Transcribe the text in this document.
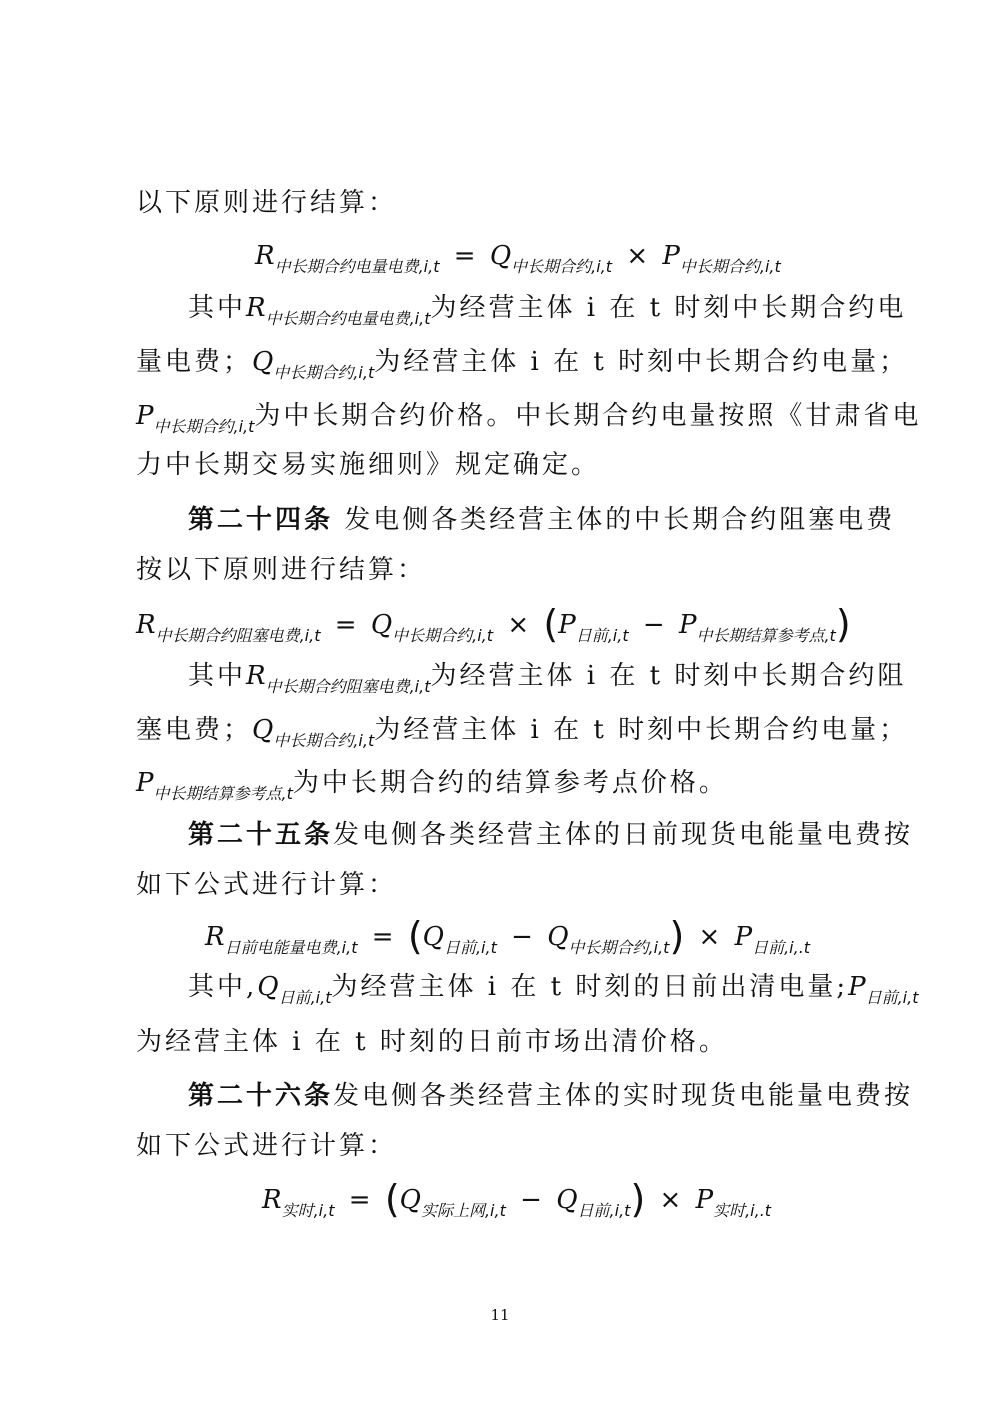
以下原则进行结算：
$R_{中长期合约电量电费,i,t} = Q_{中长期合约,i,t} \times P_{中长期合约,i,t}$
其中$R_{中长期合约电量电费,i,t}$为经营主体 i 在 t 时刻中长期合约电
量电费；$Q_{中长期合约,i,t}$为经营主体 i 在 t 时刻中长期合约电量；
$P_{中长期合约,i,t}$为中长期合约价格。中长期合约电量按照《甘肃省电
力中长期交易实施细则》规定确定。
第二十四条 发电侧各类经营主体的中长期合约阻塞电费
按以下原则进行结算：
$R_{中长期合约阻塞电费,i,t} = Q_{中长期合约,i,t} \times (P_{日前,i,t} - P_{中长期结算参考点,t})$
其中$R_{中长期合约阻塞电费,i,t}$为经营主体 i 在 t 时刻中长期合约阻
塞电费；$Q_{中长期合约,i,t}$为经营主体 i 在 t 时刻中长期合约电量；
$P_{中长期结算参考点,t}$为中长期合约的结算参考点价格。
第二十五条发电侧各类经营主体的日前现货电能量电费按
如下公式进行计算：
$R_{日前电能量电费,i,t} = (Q_{日前,i,t} - Q_{中长期合约,i,t}) \times P_{日前,i,.t}$
其中$,Q_{日前,i,t}$为经营主体 i 在 t 时刻的日前出清电量$;P_{日前,i,t}$
为经营主体 i 在 t 时刻的日前市场出清价格。
第二十六条发电侧各类经营主体的实时现货电能量电费按
如下公式进行计算：
$R_{实时,i,t} = (Q_{实际上网,i,t} - Q_{日前,i,t}) \times P_{实时,i,.t}$
11
